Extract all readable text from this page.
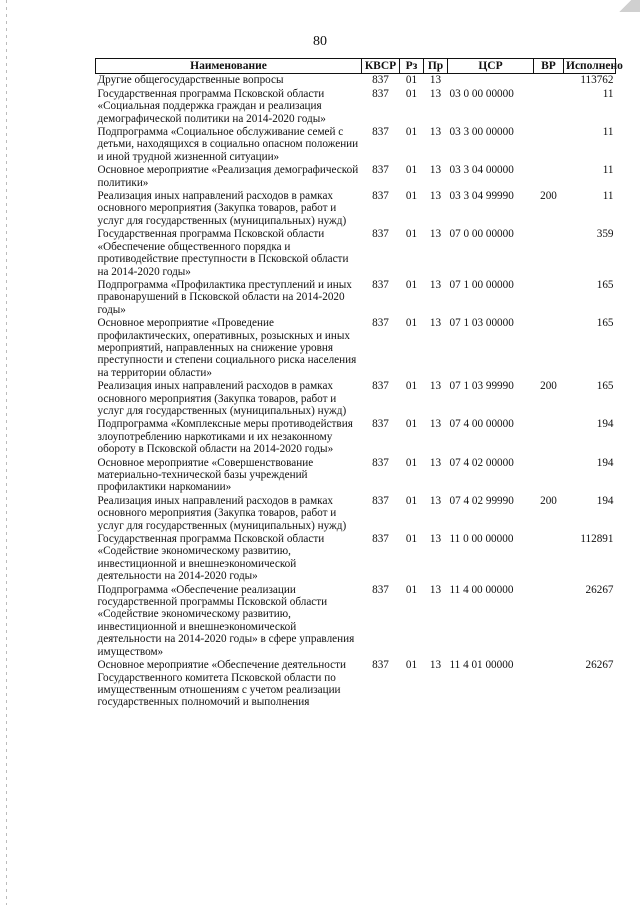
80
Наименование	КВСР	Рз	Пр	ЦСР	ВР	Исполнено
Другие общегосударственные вопросы	837	01	13			113762
Государственная программа Псковской области «Социальная поддержка граждан и реализация демографической политики на 2014-2020 годы»	837	01	13	03 0 00 00000		11
Подпрограмма «Социальное обслуживание семей с детьми, находящихся в социально опасном положении и иной трудной жизненной ситуации»	837	01	13	03 3 00 00000		11
Основное мероприятие «Реализация демографической политики»	837	01	13	03 3 04 00000		11
Реализация иных направлений расходов в рамках основного мероприятия (Закупка товаров, работ и услуг для государственных (муниципальных) нужд)	837	01	13	03 3 04 99990	200	11
Государственная программа Псковской области «Обеспечение общественного порядка и противодействие преступности в Псковской области на 2014-2020 годы»	837	01	13	07 0 00 00000		359
Подпрограмма «Профилактика преступлений и иных правонарушений в Псковской области на 2014-2020 годы»	837	01	13	07 1 00 00000		165
Основное мероприятие «Проведение профилактических, оперативных, розыскных и иных мероприятий, направленных на снижение уровня преступности и степени социального риска населения на территории области»	837	01	13	07 1 03 00000		165
Реализация иных направлений расходов в рамках основного мероприятия (Закупка товаров, работ и услуг для государственных (муниципальных) нужд)	837	01	13	07 1 03 99990	200	165
Подпрограмма «Комплексные меры противодействия злоупотреблению наркотиками и их незаконному обороту в Псковской области на 2014-2020 годы»	837	01	13	07 4 00 00000		194
Основное мероприятие «Совершенствование материально-технической базы учреждений профилактики наркомании»	837	01	13	07 4 02 00000		194
Реализация иных направлений расходов в рамках основного мероприятия (Закупка товаров, работ и услуг для государственных (муниципальных) нужд)	837	01	13	07 4 02 99990	200	194
Государственная программа Псковской области «Содействие экономическому развитию, инвестиционной и внешнеэкономической деятельности на 2014-2020 годы»	837	01	13	11 0 00 00000		112891
Подпрограмма «Обеспечение реализации государственной программы Псковской области «Содействие экономическому развитию, инвестиционной и внешнеэкономической деятельности на 2014-2020 годы» в сфере управления имуществом»	837	01	13	11 4 00 00000		26267
Основное мероприятие «Обеспечение деятельности Государственного комитета Псковской области по имущественным отношениям с учетом реализации государственных полномочий и выполнения	837	01	13	11 4 01 00000		26267
